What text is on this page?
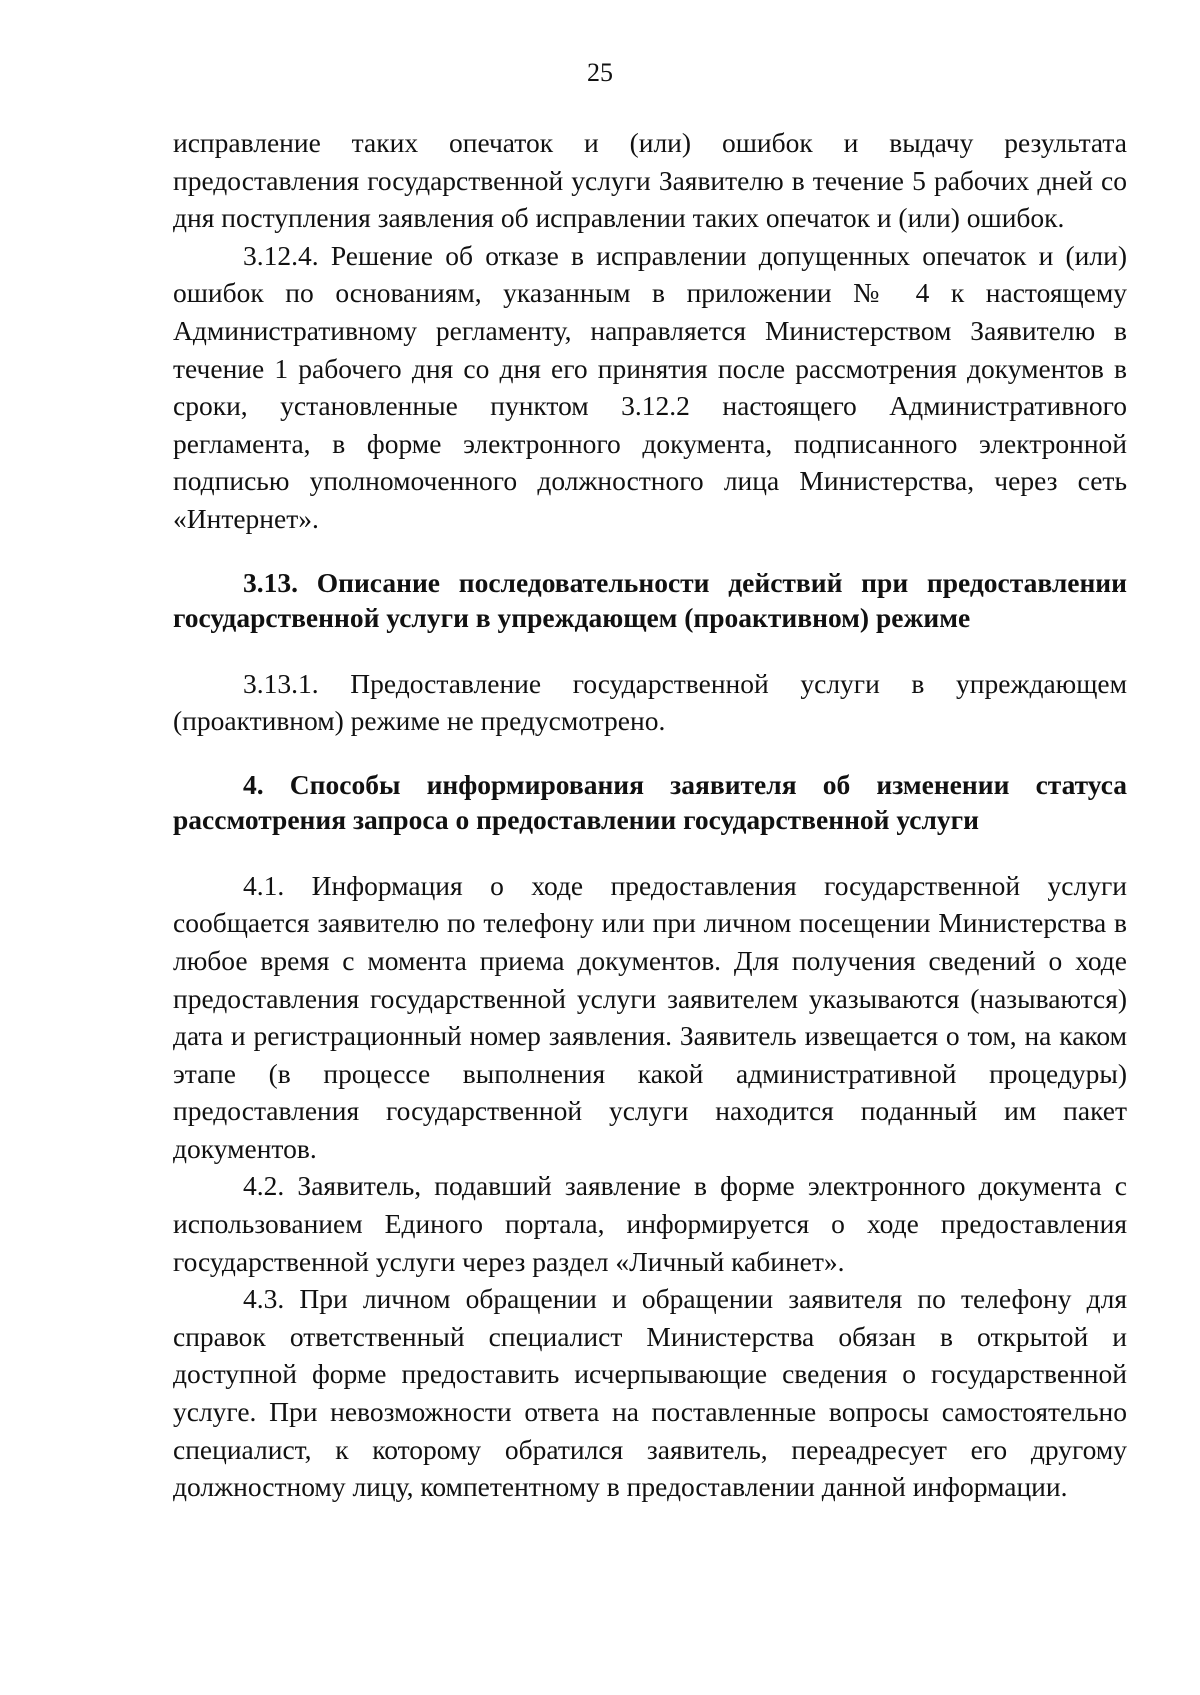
25

исправление таких опечаток и (или) ошибок и выдачу результата предоставления государственной услуги Заявителю в течение 5 рабочих дней со дня поступления заявления об исправлении таких опечаток и (или) ошибок.

3.12.4. Решение об отказе в исправлении допущенных опечаток и (или) ошибок по основаниям, указанным в приложении № 4 к настоящему Административному регламенту, направляется Министерством Заявителю в течение 1 рабочего дня со дня его принятия после рассмотрения документов в сроки, установленные пунктом 3.12.2 настоящего Административного регламента, в форме электронного документа, подписанного электронной подписью уполномоченного должностного лица Министерства, через сеть «Интернет».

3.13. Описание последовательности действий при предоставлении государственной услуги в упреждающем (проактивном) режиме

3.13.1. Предоставление государственной услуги в упреждающем (проактивном) режиме не предусмотрено.

4. Способы информирования заявителя об изменении статуса рассмотрения запроса о предоставлении государственной услуги

4.1. Информация о ходе предоставления государственной услуги сообщается заявителю по телефону или при личном посещении Министерства в любое время с момента приема документов. Для получения сведений о ходе предоставления государственной услуги заявителем указываются (называются) дата и регистрационный номер заявления. Заявитель извещается о том, на каком этапе (в процессе выполнения какой административной процедуры) предоставления государственной услуги находится поданный им пакет документов.

4.2. Заявитель, подавший заявление в форме электронного документа с использованием Единого портала, информируется о ходе предоставления государственной услуги через раздел «Личный кабинет».

4.3. При личном обращении и обращении заявителя по телефону для справок ответственный специалист Министерства обязан в открытой и доступной форме предоставить исчерпывающие сведения о государственной услуге. При невозможности ответа на поставленные вопросы самостоятельно специалист, к которому обратился заявитель, переадресует его другому должностному лицу, компетентному в предоставлении данной информации.
